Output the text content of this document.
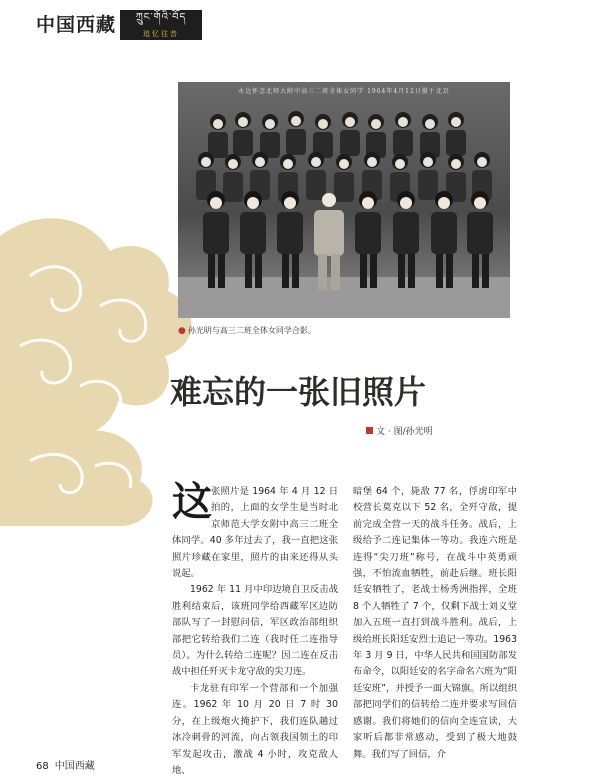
中国西藏	ཀྲུང་གོའི་བོད
追忆往昔
永远怀念北师大附中高三二班全体女同学 1964年4月12日摄于北京
● 孙光明与高三二班全体女同学合影。
难忘的一张旧照片
文 · 图/孙光明

这张照片是 1964 年 4 月 12 日拍的，上面的女学生是当时北京师范大学女附中高三二班全体同学。40 多年过去了，我一直把这张照片珍藏在家里，照片的由来还得从头说起。

1962 年 11 月中印边境自卫反击战胜利结束后，该班同学给西藏军区边防部队写了一封慰问信，军区政治部组织部把它转给我们二连（我时任二连指导员）。为什么转给二连呢？因二连在反击战中担任歼灭卡龙守敌的尖刀连。

卡龙驻有印军一个营部和一个加强连。1962 年 10 月 20 日 7 时 30 分，在上级炮火掩护下，我们连队趟过冰冷刺骨的河流，向占领我国领土的印军发起攻击，激战 4 小时，攻克敌人地、

暗堡 64 个，毙敌 77 名，俘虏印军中校营长莫克以下 52 名，全歼守敌，提前完成全营一天的战斗任务。战后，上级给予二连记集体一等功。我连六班是连得“尖刀班”称号，在战斗中英勇顽强，不怕流血牺牲，前赴后继。班长阳廷安牺牲了，老战士杨秀洲指挥，全班 8 个人牺牲了 7 个，仅剩下战士刘义堂加入五班一直打到战斗胜利。战后，上级给班长阳廷安烈士追记一等功。1963 年 3 月 9 日，中华人民共和国国防部发布命令，以阳廷安的名字命名六班为“阳廷安班”，并授予一面大锦旗。所以组织部把同学们的信转给二连并要求写回信感谢。我们将她们的信向全连宣读，大家听后都非常感动，受到了极大地鼓舞。我们写了回信，介

68 中国西藏
